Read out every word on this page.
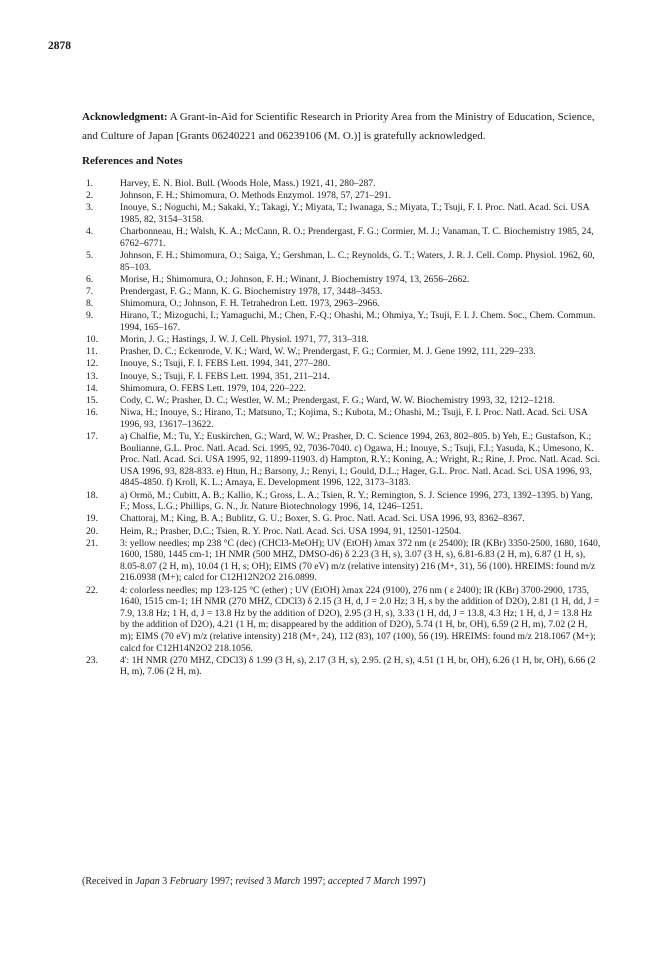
2878
Acknowledgment: A Grant-in-Aid for Scientific Research in Priority Area from the Ministry of Education, Science, and Culture of Japan [Grants 06240221 and 06239106 (M. O.)] is gratefully acknowledged.
References and Notes
1.	Harvey, E. N. Biol. Bull. (Woods Hole, Mass.) 1921, 41, 280–287.
2.	Johnson, F. H.; Shimomura, O. Methods Enzymol. 1978, 57, 271–291.
3.	Inouye, S.; Noguchi, M.; Sakaki, Y.; Takagi, Y.; Miyata, T.; Iwanaga, S.; Miyata, T.; Tsuji, F. I. Proc. Natl. Acad. Sci. USA 1985, 82, 3154–3158.
4.	Charbonneau, H.; Walsh, K. A.; McCann, R. O.; Prendergast, F. G.; Cormier, M. J.; Vanaman, T. C. Biochemistry 1985, 24, 6762–6771.
5.	Johnson, F. H.; Shimomura, O.; Saiga, Y.; Gershman, L. C.; Reynolds, G. T.; Waters, J. R. J. Cell. Comp. Physiol. 1962, 60, 85–103.
6.	Morise, H.; Shimomura, O.; Johnson, F. H.; Winant, J. Biochemistry 1974, 13, 2656–2662.
7.	Prendergast, F. G.; Mann, K. G. Biochemistry 1978, 17, 3448–3453.
8.	Shimomura, O.; Johnson, F. H. Tetrahedron Lett. 1973, 2963–2966.
9.	Hirano, T.; Mizoguchi, I.; Yamaguchi, M.; Chen, F.-Q.; Ohashi, M.; Ohmiya, Y.; Tsuji, F. I. J. Chem. Soc., Chem. Commun. 1994, 165–167.
10.	Morin, J. G.; Hastings, J. W. J. Cell. Physiol. 1971, 77, 313–318.
11.	Prasher, D. C.; Eckenrode, V. K.; Ward, W. W.; Prendergast, F. G.; Cormier, M. J. Gene 1992, 111, 229–233.
12.	Inouye, S.; Tsuji, F. I. FEBS Lett. 1994, 341, 277–280.
13.	Inouye, S.; Tsuji, F. I. FEBS Lett. 1994, 351, 211–214.
14.	Shimomura, O. FEBS Lett. 1979, 104, 220–222.
15.	Cody, C. W.; Prasher, D. C.; Westler, W. M.; Prendergast, F. G.; Ward, W. W. Biochemistry 1993, 32, 1212–1218.
16.	Niwa, H.; Inouye, S.; Hirano, T.; Matsuno, T.; Kojima, S.; Kubota, M.; Ohashi, M.; Tsuji, F. I. Proc. Natl. Acad. Sci. USA 1996, 93, 13617–13622.
17.	a) Chalfie, M.; Tu, Y.; Euskirchen, G.; Ward, W. W.; Prasher, D. C. Science 1994, 263, 802–805. b) Yeh, E.; Gustafson, K.; Boulianne, G.L. Proc. Natl. Acad. Sci. 1995, 92, 7036-7040. c) Ogawa, H.; Inouye, S.; Tsuji, F.I.; Yasuda, K.; Umesono, K. Proc. Natl. Acad. Sci. USA 1995, 92, 11899-11903. d) Hampton, R.Y.; Koning, A.; Wright, R.; Rine, J. Proc. Natl. Acad. Sci. USA 1996, 93, 828-833. e) Htun, H.; Barsony, J.; Renyi, I.; Gould, D.L.; Hager, G.L. Proc. Natl. Acad. Sci. USA 1996, 93, 4845-4850. f) Kroll, K. L.; Amaya, E. Development 1996, 122, 3173–3183.
18.	a) Ormö, M.; Cubitt, A. B.; Kallio, K.; Gross, L. A.; Tsien, R. Y.; Remington, S. J. Science 1996, 273, 1392–1395. b) Yang, F.; Moss, L.G.; Phillips, G. N., Jr. Nature Biotechnology 1996, 14, 1246–1251.
19.	Chattoraj, M.; King, B. A.; Bublitz, G. U.; Boxer, S. G. Proc. Natl. Acad. Sci. USA 1996, 93, 8362–8367.
20.	Heim, R.; Prasher, D.C.; Tsien, R. Y. Proc. Natl. Acad. Sci. USA 1994, 91, 12501-12504.
21.	3: yellow needles; mp 238 °C (dec) (CHCl3-MeOH); UV (EtOH) λmax 372 nm (ε 25400); IR (KBr) 3350-2500, 1680, 1640, 1600, 1580, 1445 cm-1; 1H NMR (500 MHZ, DMSO-d6) δ 2.23 (3 H, s), 3.07 (3 H, s), 6.81-6.83 (2 H, m), 6.87 (1 H, s), 8.05-8.07 (2 H, m), 10.04 (1 H, s; OH); EIMS (70 eV) m/z (relative intensity) 216 (M+, 31), 56 (100). HREIMS: found m/z 216.0938 (M+); calcd for C12H12N2O2 216.0899.
22.	4: colorless needles; mp 123-125 °C (ether) ; UV (EtOH) λmax 224 (9100), 276 nm ( ε 2400); IR (KBr) 3700-2900, 1735, 1640, 1515 cm-1; 1H NMR (270 MHZ, CDCl3) δ 2.15 (3 H, d, J = 2.0 Hz; 3 H, s by the addition of D2O), 2.81 (1 H, dd, J = 7.9, 13.8 Hz; 1 H, d, J = 13.8 Hz by the addition of D2O), 2.95 (3 H, s), 3.33 (1 H, dd, J = 13.8, 4.3 Hz; 1 H, d, J = 13.8 Hz by the addition of D2O), 4.21 (1 H, m; disappeared by the addition of D2O), 5.74 (1 H, br, OH), 6.59 (2 H, m), 7.02 (2 H, m); EIMS (70 eV) m/z (relative intensity) 218 (M+, 24), 112 (83), 107 (100), 56 (19). HREIMS: found m/z 218.1067 (M+); calcd for C12H14N2O2 218.1056.
23.	4': 1H NMR (270 MHZ, CDCl3) δ 1.99 (3 H, s), 2.17 (3 H, s), 2.95. (2 H, s), 4.51 (1 H, br, OH), 6.26 (1 H, br, OH), 6.66 (2 H, m), 7.06 (2 H, m).
(Received in Japan 3 February 1997; revised 3 March 1997; accepted 7 March 1997)
